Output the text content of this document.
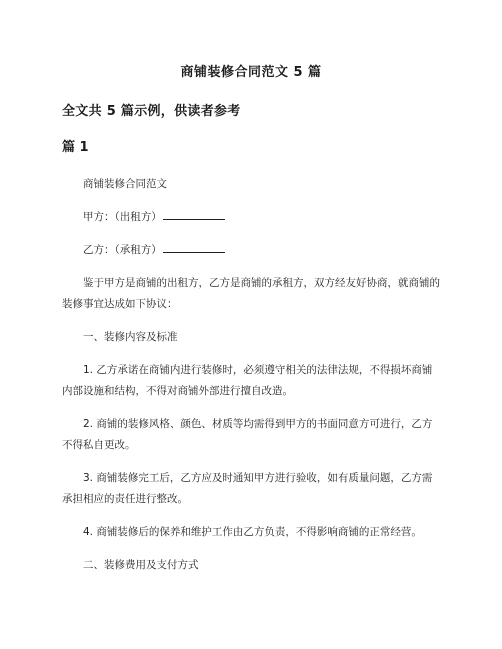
商铺装修合同范文 5 篇
全文共 5 篇示例，供读者参考
篇 1

商铺装修合同范文

甲方：（出租方）

乙方：（承租方）

鉴于甲方是商铺的出租方，乙方是商铺的承租方，双方经友好协商，就商铺的装修事宜达成如下协议：

一、装修内容及标准

1. 乙方承诺在商铺内进行装修时，必须遵守相关的法律法规，不得损坏商铺内部设施和结构，不得对商铺外部进行擅自改造。

2. 商铺的装修风格、颜色、材质等均需得到甲方的书面同意方可进行，乙方不得私自更改。

3. 商铺装修完工后，乙方应及时通知甲方进行验收，如有质量问题，乙方需承担相应的责任进行整改。

4. 商铺装修后的保养和维护工作由乙方负责，不得影响商铺的正常经营。

二、装修费用及支付方式
